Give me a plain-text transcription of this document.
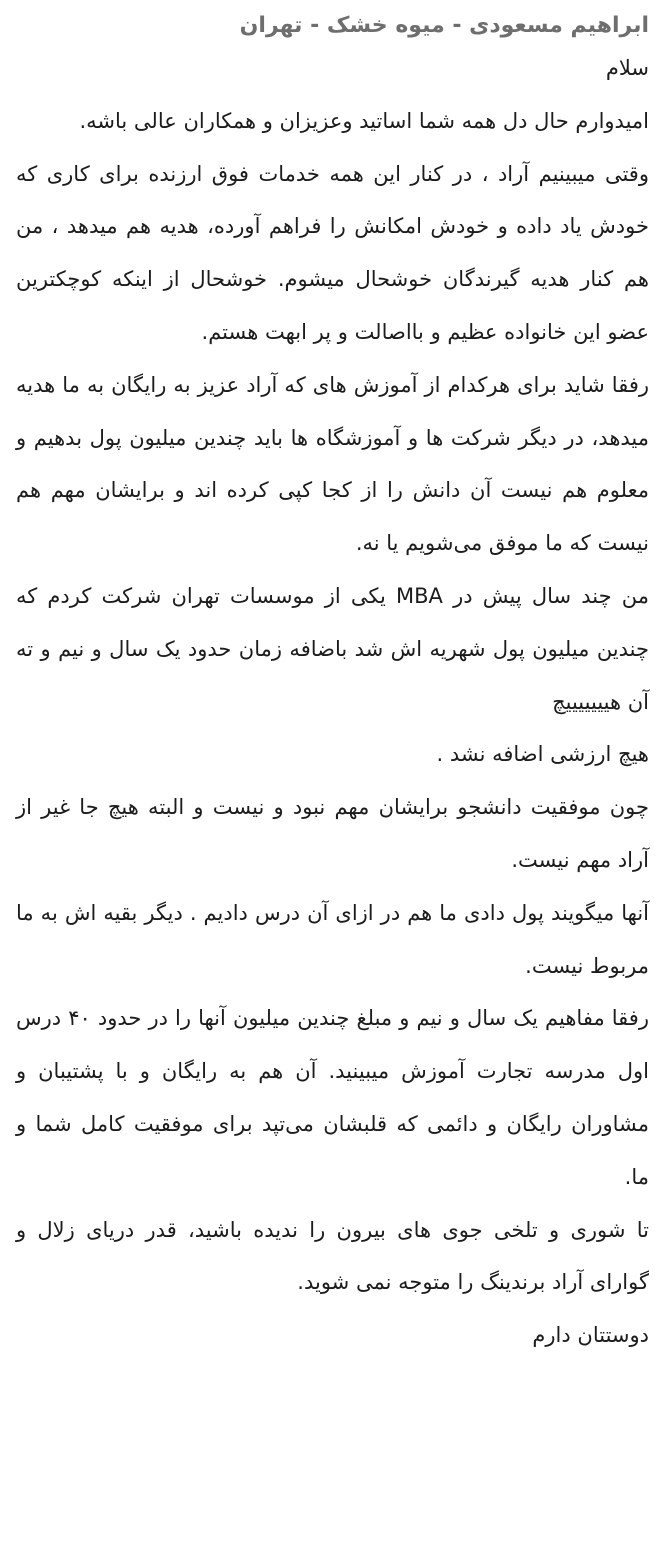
ابراهیم مسعودی - میوه خشک - تهران

سلام

امیدوارم حال دل همه شما اساتید وعزیزان و همکاران عالی باشه.

وقتی میبینیم آراد ، در کنار این همه خدمات فوق ارزنده برای کاری که خودش یاد داده و خودش امکانش را فراهم آورده، هدیه هم میدهد ، من هم کنار هدیه گیرندگان خوشحال میشوم. خوشحال از اینکه کوچکترین عضو این خانواده عظیم و بااصالت و پر ابهت هستم.

رفقا شاید برای هرکدام از آموزش های که آراد عزیز به رایگان به ما هدیه میدهد، در دیگر شرکت ها و آموزشگاه ها باید چندین میلیون پول بدهیم و معلوم هم نیست آن دانش را از کجا کپی کرده اند و برایشان مهم هم نیست که ما موفق می‌شویم یا نه.

من چند سال پیش در MBA یکی از موسسات تهران شرکت کردم که چندین میلیون پول شهریه اش شد باضافه زمان حدود یک سال و نیم و ته آن هیییییییچ

هیچ ارزشی اضافه نشد .

چون موفقیت دانشجو برایشان مهم نبود و نیست و البته هیچ جا غیر از آراد مهم نیست.

آنها میگویند پول دادی ما هم در ازای آن درس دادیم . دیگر بقیه اش به ما مربوط نیست.

رفقا مفاهیم یک سال و نیم و مبلغ چندین میلیون آنها را در حدود ۴۰ درس اول مدرسه تجارت آموزش میبینید. آن هم به رایگان و با پشتیبان و مشاوران رایگان و دائمی که قلبشان می‌تپد برای موفقیت کامل شما و ما.

تا شوری و تلخی جوی های بیرون را ندیده باشید، قدر دریای زلال و گوارای آراد برندینگ را متوجه نمی شوید.

دوستتان دارم
